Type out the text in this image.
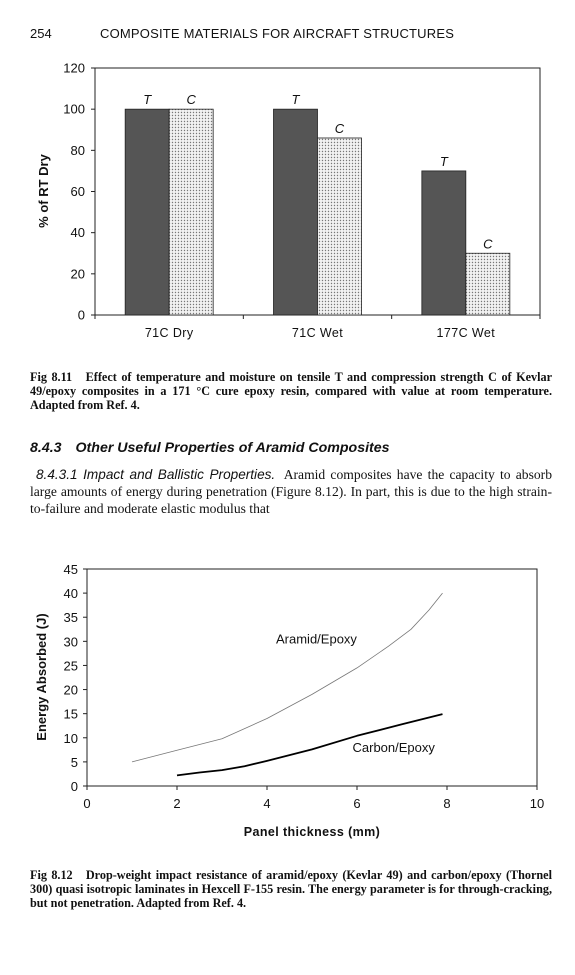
254	COMPOSITE MATERIALS FOR AIRCRAFT STRUCTURES
% of RT Dry
0
20
40
60
80
100
120
T	C	T
C
T
C
71C Dry	71C Wet	177C Wet
Fig 8.11 Effect of temperature and moisture on tensile T and compression strength C of Kevlar 49/epoxy composites in a 171 °C cure epoxy resin, compared with value at room temperature. Adapted from Ref. 4.
8.4.3 Other Useful Properties of Aramid Composites
8.4.3.1 Impact and Ballistic Properties. Aramid composites have the capacity to absorb large amounts of energy during penetration (Figure 8.12). In part, this is due to the high strain-to-failure and moderate elastic modulus that
Energy Absorbed (J)
Panel thickness (mm)
0
5
10
15
20
25
30
35
40
45
0	2	4	6	8	10
Aramid/Epoxy
Carbon/Epoxy
Fig 8.12 Drop-weight impact resistance of aramid/epoxy (Kevlar 49) and carbon/epoxy (Thornel 300) quasi isotropic laminates in Hexcell F-155 resin. The energy parameter is for through-cracking, but not penetration. Adapted from Ref. 4.
